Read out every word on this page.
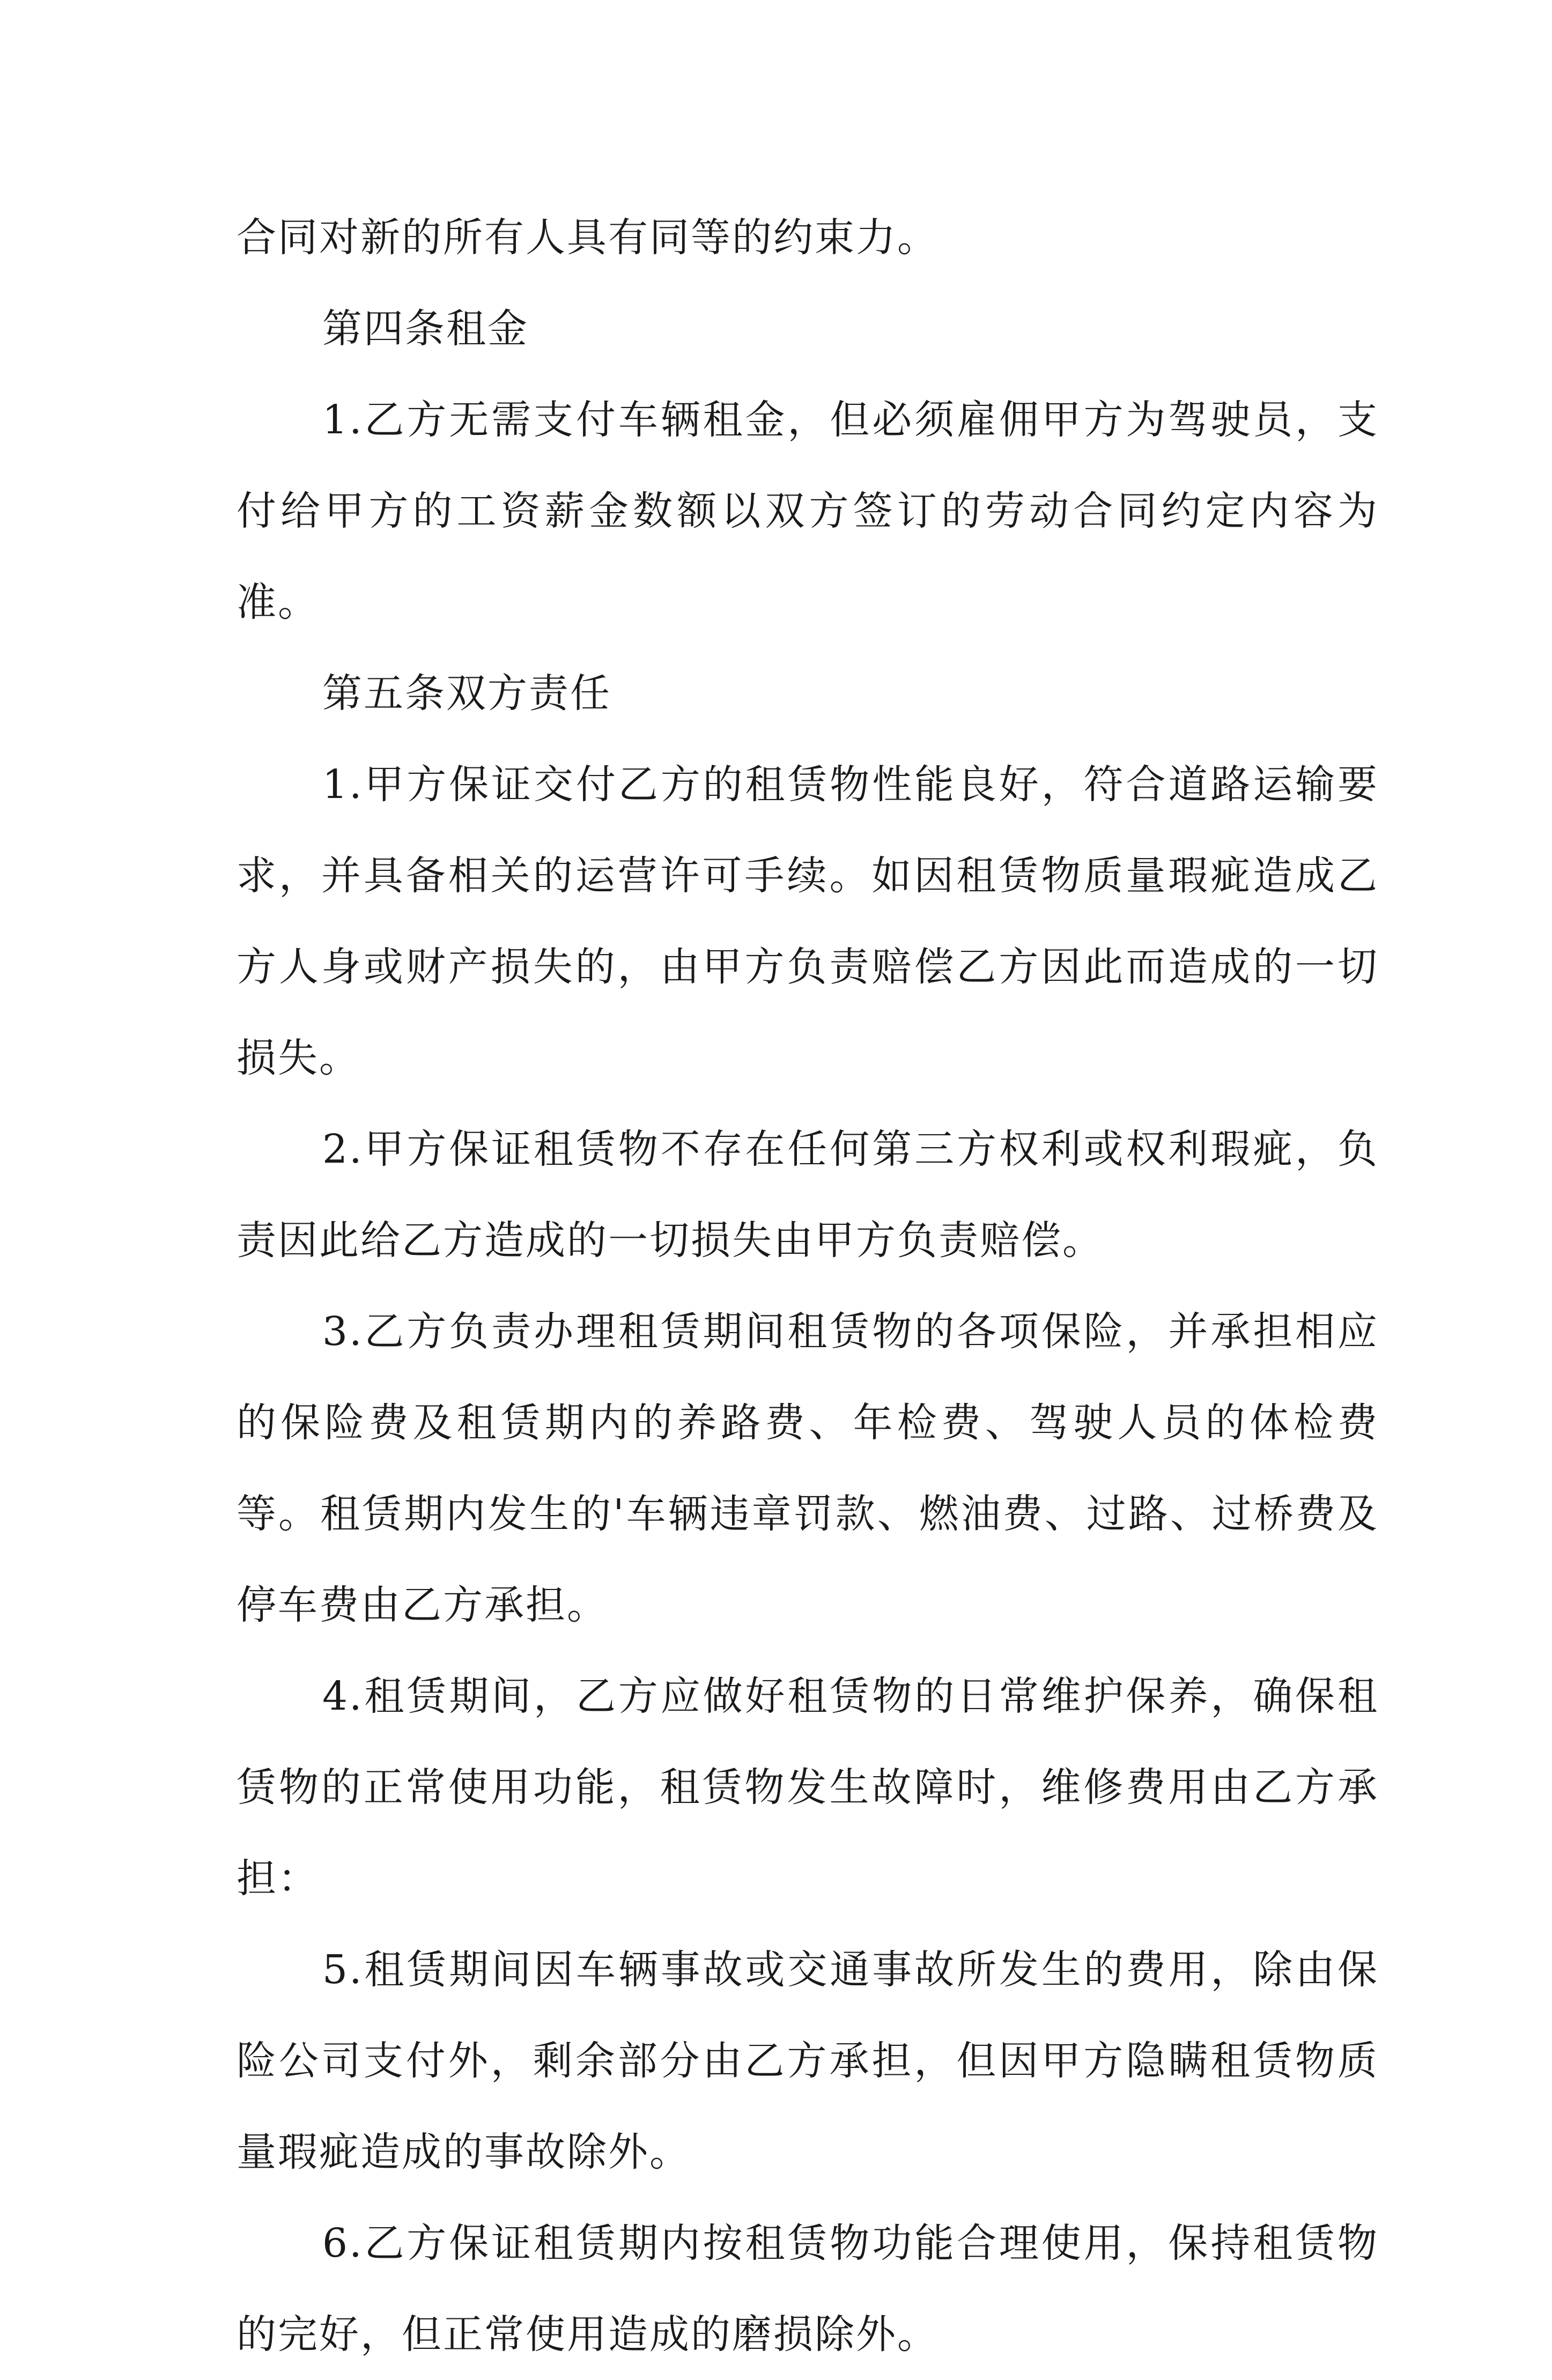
合同对新的所有人具有同等的约束力。

第四条租金

1.乙方无需支付车辆租金，但必须雇佣甲方为驾驶员，支付给甲方的工资薪金数额以双方签订的劳动合同约定内容为准。

第五条双方责任

1.甲方保证交付乙方的租赁物性能良好，符合道路运输要求，并具备相关的运营许可手续。如因租赁物质量瑕疵造成乙方人身或财产损失的，由甲方负责赔偿乙方因此而造成的一切损失。

2.甲方保证租赁物不存在任何第三方权利或权利瑕疵，负责因此给乙方造成的一切损失由甲方负责赔偿。

3.乙方负责办理租赁期间租赁物的各项保险，并承担相应的保险费及租赁期内的养路费、年检费、驾驶人员的体检费等。租赁期内发生的'车辆违章罚款、燃油费、过路、过桥费及停车费由乙方承担。

4.租赁期间，乙方应做好租赁物的日常维护保养，确保租赁物的正常使用功能，租赁物发生故障时，维修费用由乙方承担：

5.租赁期间因车辆事故或交通事故所发生的费用，除由保险公司支付外，剩余部分由乙方承担，但因甲方隐瞒租赁物质量瑕疵造成的事故除外。

6.乙方保证租赁期内按租赁物功能合理使用，保持租赁物的完好，但正常使用造成的磨损除外。
